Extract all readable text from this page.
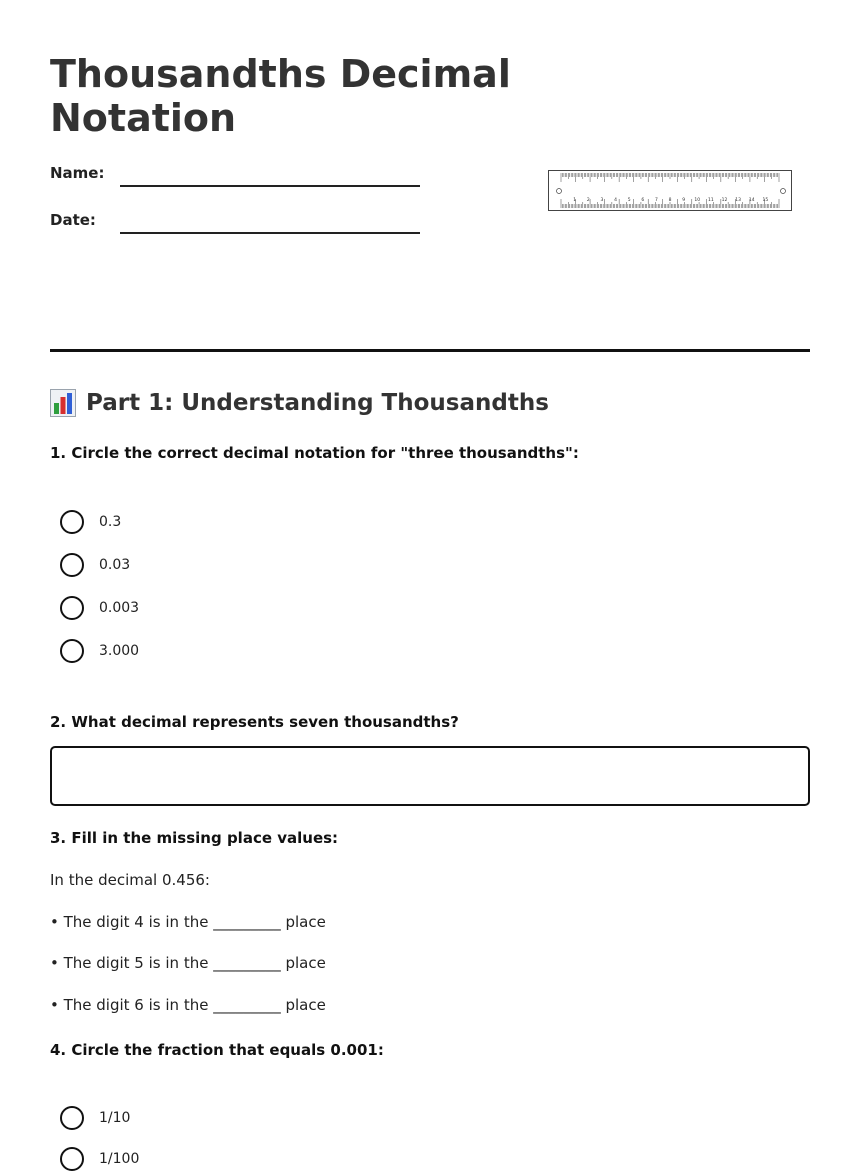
Thousandths Decimal Notation
Name:
Date:
1 2 3 4 5 6 7 8 9 10 11 12 13 14 15
Part 1: Understanding Thousandths

1. Circle the correct decimal notation for "three thousandths":

0.3
0.03
0.003
3.000

2. What decimal represents seven thousandths?

3. Fill in the missing place values:

In the decimal 0.456:

• The digit 4 is in the _________ place

• The digit 5 is in the _________ place

• The digit 6 is in the _________ place

4. Circle the fraction that equals 0.001:

1/10
1/100
